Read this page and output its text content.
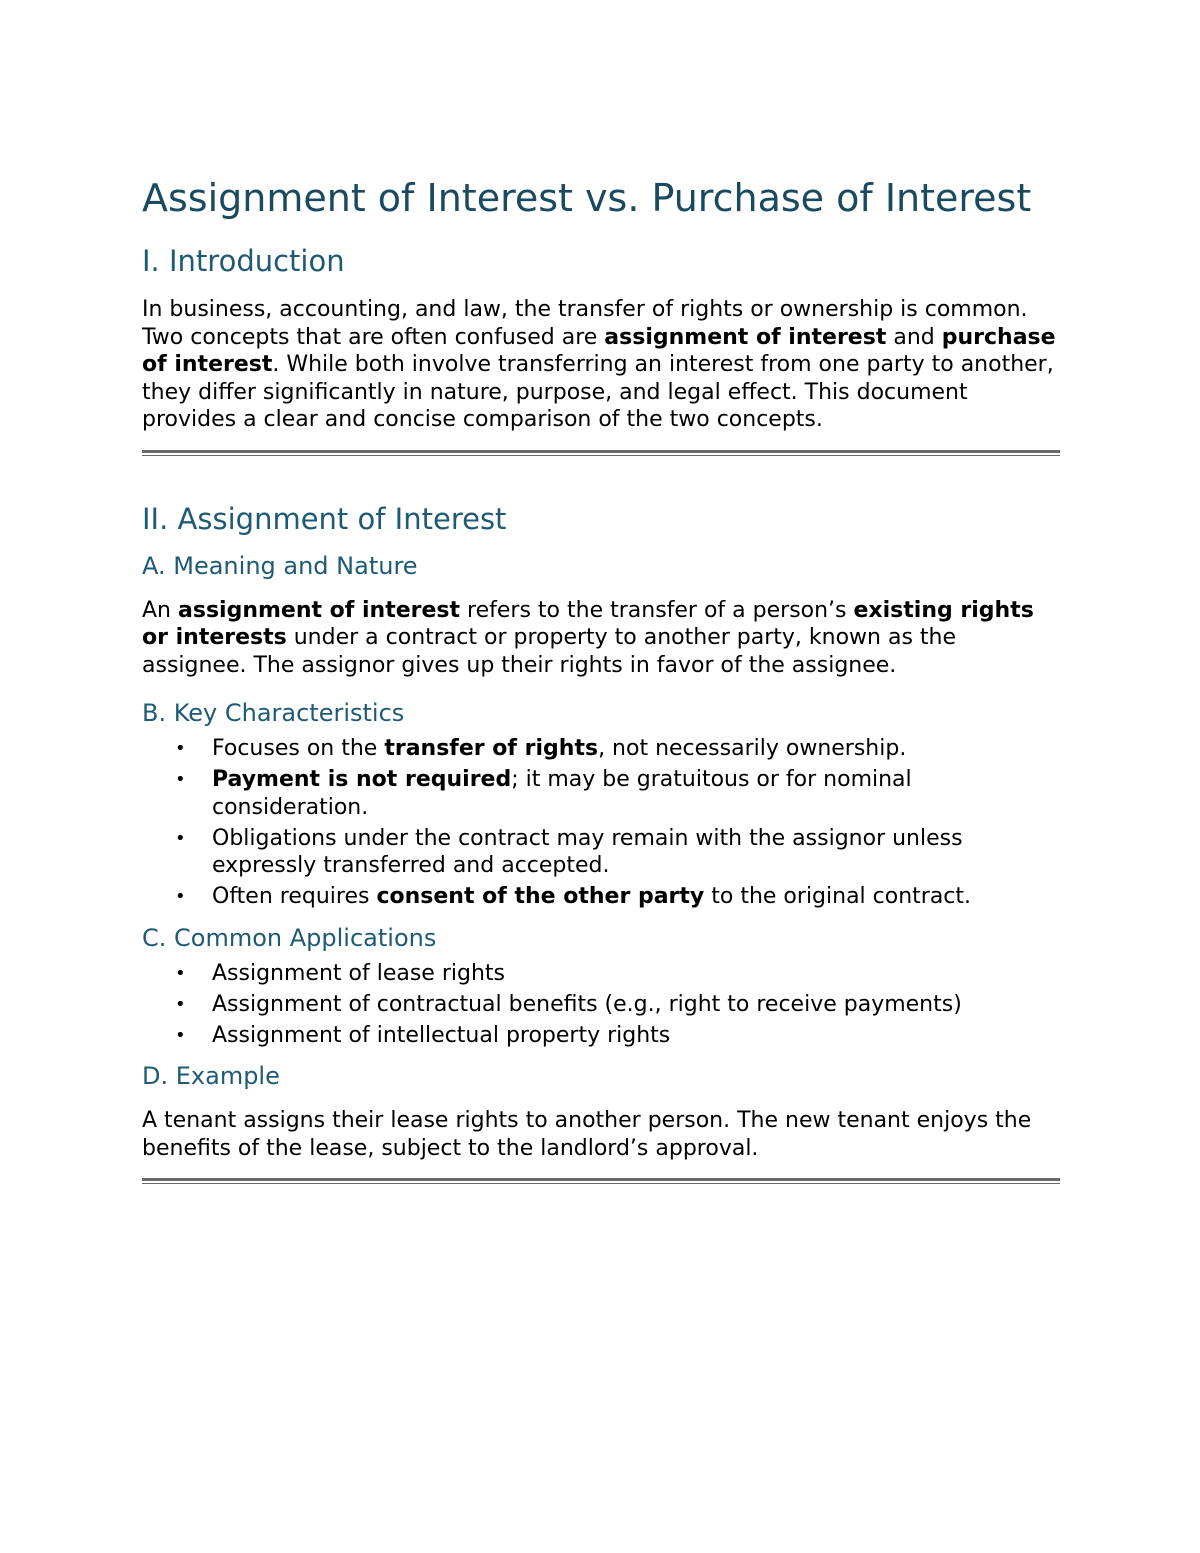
Assignment of Interest vs. Purchase of Interest
I. Introduction

In business, accounting, and law, the transfer of rights or ownership is common. Two concepts that are often confused are assignment of interest and purchase of interest. While both involve transferring an interest from one party to another, they differ significantly in nature, purpose, and legal effect. This document provides a clear and concise comparison of the two concepts.

II. Assignment of Interest
A. Meaning and Nature

An assignment of interest refers to the transfer of a person’s existing rights or interests under a contract or property to another party, known as the assignee. The assignor gives up their rights in favor of the assignee.

B. Key Characteristics
• Focuses on the transfer of rights, not necessarily ownership.
• Payment is not required; it may be gratuitous or for nominal consideration.
• Obligations under the contract may remain with the assignor unless expressly transferred and accepted.
• Often requires consent of the other party to the original contract.
C. Common Applications
• Assignment of lease rights
• Assignment of contractual benefits (e.g., right to receive payments)
• Assignment of intellectual property rights
D. Example

A tenant assigns their lease rights to another person. The new tenant enjoys the benefits of the lease, subject to the landlord’s approval.
